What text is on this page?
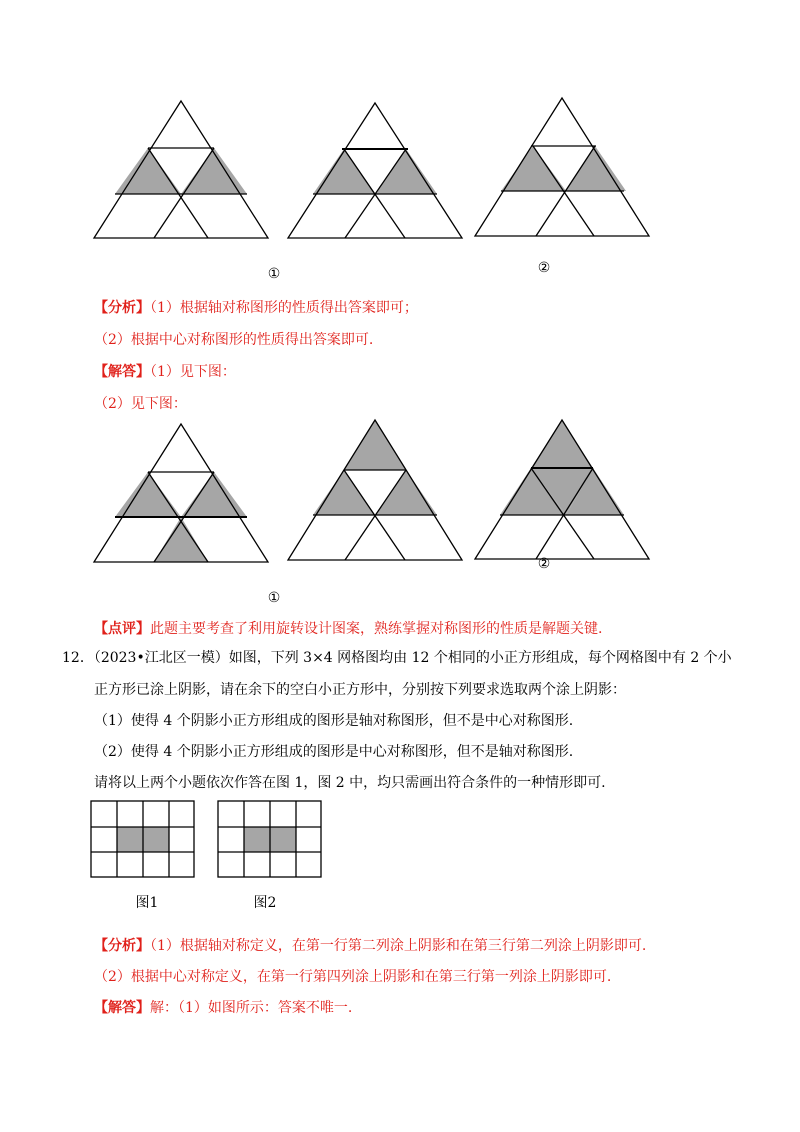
①	②
【分析】（1）根据轴对称图形的性质得出答案即可；
（2）根据中心对称图形的性质得出答案即可.
【解答】（1）见下图：
（2）见下图：
①
②
【点评】此题主要考查了利用旋转设计图案，熟练掌握对称图形的性质是解题关键.
12．（2023•江北区一模）如图，下列 3×4 网格图均由 12 个相同的小正方形组成，每个网格图中有 2 个小
正方形已涂上阴影，请在余下的空白小正方形中，分别按下列要求选取两个涂上阴影：
（1）使得 4 个阴影小正方形组成的图形是轴对称图形，但不是中心对称图形.
（2）使得 4 个阴影小正方形组成的图形是中心对称图形，但不是轴对称图形.
请将以上两个小题依次作答在图 1，图 2 中，均只需画出符合条件的一种情形即可.
图1	图2
【分析】（1）根据轴对称定义，在第一行第二列涂上阴影和在第三行第二列涂上阴影即可.
（2）根据中心对称定义，在第一行第四列涂上阴影和在第三行第一列涂上阴影即可.
【解答】解：（1）如图所示：答案不唯一.
